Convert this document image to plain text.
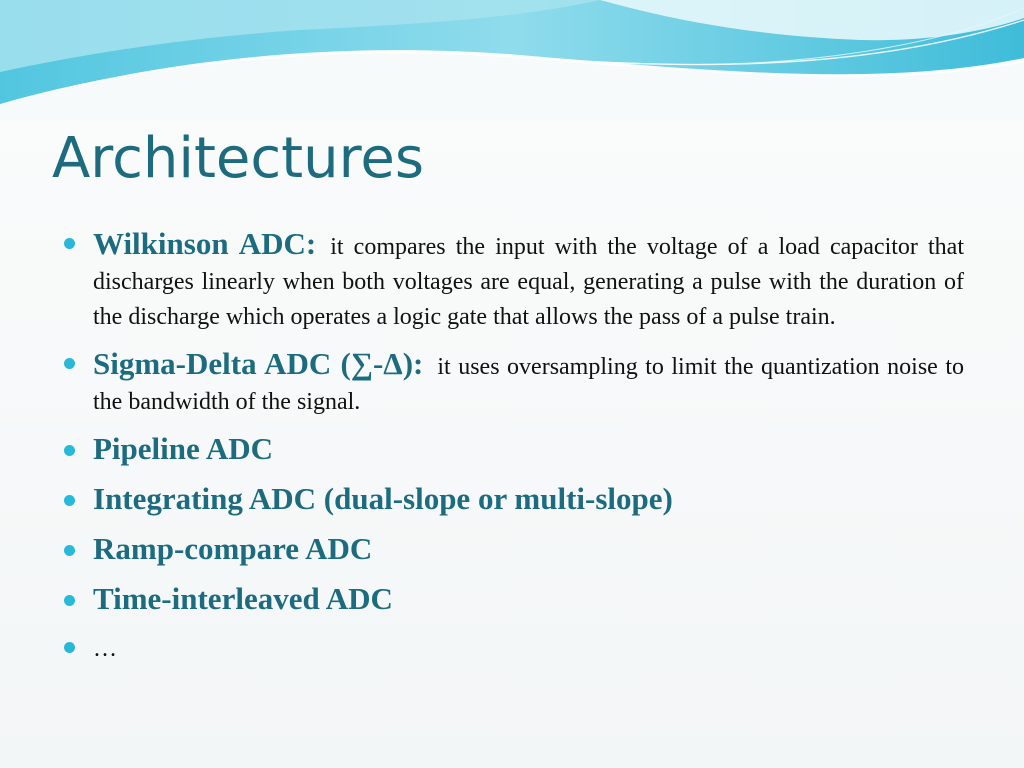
Architectures
Wilkinson ADC: it compares the input with the voltage of a load capacitor that discharges linearly when both voltages are equal, generating a pulse with the duration of the discharge which operates a logic gate that allows the pass of a pulse train.
Sigma-Delta ADC (∑-Δ): it uses oversampling to limit the quantization noise to the bandwidth of the signal.
Pipeline ADC
Integrating ADC (dual-slope or multi-slope)
Ramp-compare ADC
Time-interleaved ADC
…
